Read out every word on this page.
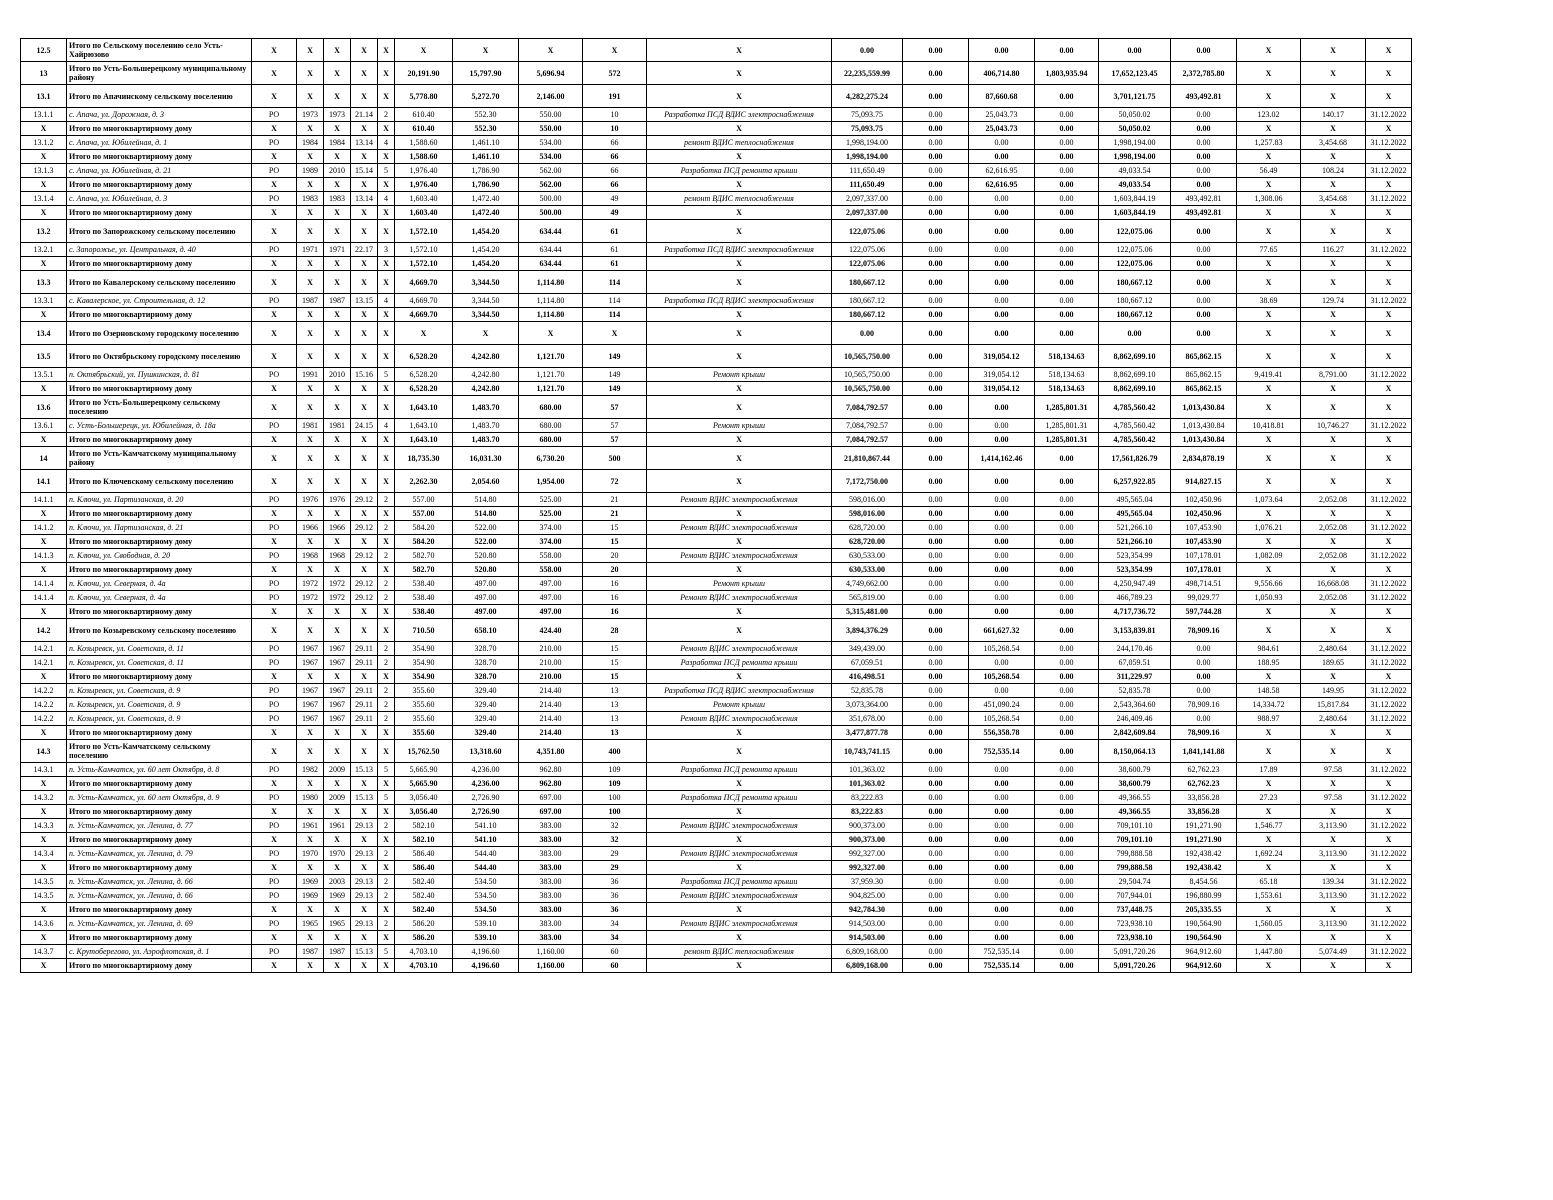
12.5	Итого по Сельскому поселению село Усть-Хайрюзово	X	X	X	X	X	X	X	X	X	X	0.00	0.00	0.00	0.00	0.00	0.00	X	X	X
13	Итого по Усть-Большерецкому муниципальному району	X	X	X	X	X	20,191.90	15,797.90	5,696.94	572	X	22,235,559.99	0.00	406,714.80	1,803,935.94	17,652,123.45	2,372,785.80	X	X	X
13.1	Итого по Апачинскому сельскому поселению	X	X	X	X	X	5,778.80	5,272.70	2,146.00	191	X	4,282,275.24	0.00	87,660.68	0.00	3,701,121.75	493,492.81	X	X	X
13.1.1	с. Апача, ул. Дорожная, д. 3	РО	1973	1973	21.14	2	610.40	552.30	550.00	10	Разработка ПСД ВДИС электроснабжения	75,093.75	0.00	25,043.73	0.00	50,050.02	0.00	123.02	140.17	31.12.2022
X	Итого по многоквартирному дому	X	X	X	X	X	610.40	552.30	550.00	10	X	75,093.75	0.00	25,043.73	0.00	50,050.02	0.00	X	X	X
13.1.2	с. Апача, ул. Юбилейная, д. 1	РО	1984	1984	13.14	4	1,588.60	1,461.10	534.00	66	ремонт ВДИС теплоснабжения	1,998,194.00	0.00	0.00	0.00	1,998,194.00	0.00	1,257.83	3,454.68	31.12.2022
X	Итого по многоквартирному дому	X	X	X	X	X	1,588.60	1,461.10	534.00	66	X	1,998,194.00	0.00	0.00	0.00	1,998,194.00	0.00	X	X	X
13.1.3	с. Апача, ул. Юбилейная, д. 21	РО	1989	2010	15.14	5	1,976.40	1,786.90	562.00	66	Разработка ПСД ремонта крыши	111,650.49	0.00	62,616.95	0.00	49,033.54	0.00	56.49	108.24	31.12.2022
X	Итого по многоквартирному дому	X	X	X	X	X	1,976.40	1,786.90	562.00	66	X	111,650.49	0.00	62,616.95	0.00	49,033.54	0.00	X	X	X
13.1.4	с. Апача, ул. Юбилейная, д. 3	РО	1983	1983	13.14	4	1,603.40	1,472.40	500.00	49	ремонт ВДИС теплоснабжения	2,097,337.00	0.00	0.00	0.00	1,603,844.19	493,492.81	1,308.06	3,454.68	31.12.2022
X	Итого по многоквартирному дому	X	X	X	X	X	1,603.40	1,472.40	500.00	49	X	2,097,337.00	0.00	0.00	0.00	1,603,844.19	493,492.81	X	X	X
13.2	Итого по Запорожскому сельскому поселению	X	X	X	X	X	1,572.10	1,454.20	634.44	61	X	122,075.06	0.00	0.00	0.00	122,075.06	0.00	X	X	X
13.2.1	с. Запорожье, ул. Центральная, д. 40	РО	1971	1971	22.17	3	1,572.10	1,454.20	634.44	61	Разработка ПСД ВДИС электроснабжения	122,075.06	0.00	0.00	0.00	122,075.06	0.00	77.65	116.27	31.12.2022
X	Итого по многоквартирному дому	X	X	X	X	X	1,572.10	1,454.20	634.44	61	X	122,075.06	0.00	0.00	0.00	122,075.06	0.00	X	X	X
13.3	Итого по Кавалерскому сельскому поселению	X	X	X	X	X	4,669.70	3,344.50	1,114.80	114	X	180,667.12	0.00	0.00	0.00	180,667.12	0.00	X	X	X
13.3.1	с. Кавалерское, ул. Строительная, д. 12	РО	1987	1987	13.15	4	4,669.70	3,344.50	1,114.80	114	Разработка ПСД ВДИС электроснабжения	180,667.12	0.00	0.00	0.00	180,667.12	0.00	38.69	129.74	31.12.2022
X	Итого по многоквартирному дому	X	X	X	X	X	4,669.70	3,344.50	1,114.80	114	X	180,667.12	0.00	0.00	0.00	180,667.12	0.00	X	X	X
13.4	Итого по Озерновскому городскому поселению	X	X	X	X	X	X	X	X	X	X	0.00	0.00	0.00	0.00	0.00	0.00	X	X	X
13.5	Итого по Октябрьскому городскому поселению	X	X	X	X	X	6,528.20	4,242.80	1,121.70	149	X	10,565,750.00	0.00	319,054.12	518,134.63	8,862,699.10	865,862.15	X	X	X
13.5.1	п. Октябрьский, ул. Пушкинская, д. 81	РО	1991	2010	15.16	5	6,528.20	4,242.80	1,121.70	149	Ремонт крыши	10,565,750.00	0.00	319,054.12	518,134.63	8,862,699.10	865,862.15	9,419.41	8,791.00	31.12.2022
X	Итого по многоквартирному дому	X	X	X	X	X	6,528.20	4,242.80	1,121.70	149	X	10,565,750.00	0.00	319,054.12	518,134.63	8,862,699.10	865,862.15	X	X	X
13.6	Итого по Усть-Большерецкому сельскому поселению	X	X	X	X	X	1,643.10	1,483.70	680.00	57	X	7,084,792.57	0.00	0.00	1,285,801.31	4,785,560.42	1,013,430.84	X	X	X
13.6.1	с. Усть-Большерецк, ул. Юбилейная, д. 18а	РО	1981	1981	24.15	4	1,643.10	1,483.70	680.00	57	Ремонт крыши	7,084,792.57	0.00	0.00	1,285,801.31	4,785,560.42	1,013,430.84	10,418.81	10,746.27	31.12.2022
X	Итого по многоквартирному дому	X	X	X	X	X	1,643.10	1,483.70	680.00	57	X	7,084,792.57	0.00	0.00	1,285,801.31	4,785,560.42	1,013,430.84	X	X	X
14	Итого по Усть-Камчатскому муниципальному району	X	X	X	X	X	18,735.30	16,031.30	6,730.20	500	X	21,810,867.44	0.00	1,414,162.46	0.00	17,561,826.79	2,834,878.19	X	X	X
14.1	Итого по Ключевскому сельскому поселению	X	X	X	X	X	2,262.30	2,054.60	1,954.00	72	X	7,172,750.00	0.00	0.00	0.00	6,257,922.85	914,827.15	X	X	X
14.1.1	п. Ключи, ул. Партизанская, д. 20	РО	1976	1976	29.12	2	557.00	514.80	525.00	21	Ремонт ВДИС электроснабжения	598,016.00	0.00	0.00	0.00	495,565.04	102,450.96	1,073.64	2,052.08	31.12.2022
X	Итого по многоквартирному дому	X	X	X	X	X	557.00	514.80	525.00	21	X	598,016.00	0.00	0.00	0.00	495,565.04	102,450.96	X	X	X
14.1.2	п. Ключи, ул. Партизанская, д. 21	РО	1966	1966	29.12	2	584.20	522.00	374.00	15	Ремонт ВДИС электроснабжения	628,720.00	0.00	0.00	0.00	521,266.10	107,453.90	1,076.21	2,052.08	31.12.2022
X	Итого по многоквартирному дому	X	X	X	X	X	584.20	522.00	374.00	15	X	628,720.00	0.00	0.00	0.00	521,266.10	107,453.90	X	X	X
14.1.3	п. Ключи, ул. Свободная, д. 20	РО	1968	1968	29.12	2	582.70	520.80	558.00	20	Ремонт ВДИС электроснабжения	630,533.00	0.00	0.00	0.00	523,354.99	107,178.01	1,082.09	2,052.08	31.12.2022
X	Итого по многоквартирному дому	X	X	X	X	X	582.70	520.80	558.00	20	X	630,533.00	0.00	0.00	0.00	523,354.99	107,178.01	X	X	X
14.1.4	п. Ключи, ул. Северная, д. 4а	РО	1972	1972	29.12	2	538.40	497.00	497.00	16	Ремонт крыши	4,749,662.00	0.00	0.00	0.00	4,250,947.49	498,714.51	9,556.66	16,668.08	31.12.2022
14.1.4	п. Ключи, ул. Северная, д. 4а	РО	1972	1972	29.12	2	538.40	497.00	497.00	16	Ремонт ВДИС электроснабжения	565,819.00	0.00	0.00	0.00	466,789.23	99,029.77	1,050.93	2,052.08	31.12.2022
X	Итого по многоквартирному дому	X	X	X	X	X	538.40	497.00	497.00	16	X	5,315,481.00	0.00	0.00	0.00	4,717,736.72	597,744.28	X	X	X
14.2	Итого по Козыревскому сельскому поселению	X	X	X	X	X	710.50	658.10	424.40	28	X	3,894,376.29	0.00	661,627.32	0.00	3,153,839.81	78,909.16	X	X	X
14.2.1	п. Козыревск, ул. Советская, д. 11	РО	1967	1967	29.11	2	354.90	328.70	210.00	15	Ремонт ВДИС электроснабжения	349,439.00	0.00	105,268.54	0.00	244,170.46	0.00	984.61	2,480.64	31.12.2022
14.2.1	п. Козыревск, ул. Советская, д. 11	РО	1967	1967	29.11	2	354.90	328.70	210.00	15	Разработка ПСД ремонта крыши	67,059.51	0.00	0.00	0.00	67,059.51	0.00	188.95	189.65	31.12.2022
X	Итого по многоквартирному дому	X	X	X	X	X	354.90	328.70	210.00	15	X	416,498.51	0.00	105,268.54	0.00	311,229.97	0.00	X	X	X
14.2.2	п. Козыревск, ул. Советская, д. 9	РО	1967	1967	29.11	2	355.60	329.40	214.40	13	Разработка ПСД ВДИС электроснабжения	52,835.78	0.00	0.00	0.00	52,835.78	0.00	148.58	149.95	31.12.2022
14.2.2	п. Козыревск, ул. Советская, д. 9	РО	1967	1967	29.11	2	355.60	329.40	214.40	13	Ремонт крыши	3,073,364.00	0.00	451,090.24	0.00	2,543,364.60	78,909.16	14,334.72	15,817.84	31.12.2022
14.2.2	п. Козыревск, ул. Советская, д. 9	РО	1967	1967	29.11	2	355.60	329.40	214.40	13	Ремонт ВДИС электроснабжения	351,678.00	0.00	105,268.54	0.00	246,409.46	0.00	988.97	2,480.64	31.12.2022
X	Итого по многоквартирному дому	X	X	X	X	X	355.60	329.40	214.40	13	X	3,477,877.78	0.00	556,358.78	0.00	2,842,609.84	78,909.16	X	X	X
14.3	Итого по Усть-Камчатскому сельскому поселению	X	X	X	X	X	15,762.50	13,318.60	4,351.80	400	X	10,743,741.15	0.00	752,535.14	0.00	8,150,064.13	1,841,141.88	X	X	X
14.3.1	п. Усть-Камчатск, ул. 60 лет Октября, д. 8	РО	1982	2009	15.13	5	5,665.90	4,236.00	962.80	109	Разработка ПСД ремонта крыши	101,363.02	0.00	0.00	0.00	38,600.79	62,762.23	17.89	97.58	31.12.2022
X	Итого по многоквартирному дому	X	X	X	X	X	5,665.90	4,236.00	962.80	109	X	101,363.02	0.00	0.00	0.00	38,600.79	62,762.23	X	X	X
14.3.2	п. Усть-Камчатск, ул. 60 лет Октября, д. 9	РО	1980	2009	15.13	5	3,056.40	2,726.90	697.00	100	Разработка ПСД ремонта крыши	83,222.83	0.00	0.00	0.00	49,366.55	33,856.28	27.23	97.58	31.12.2022
X	Итого по многоквартирному дому	X	X	X	X	X	3,056.40	2,726.90	697.00	100	X	83,222.83	0.00	0.00	0.00	49,366.55	33,856.28	X	X	X
14.3.3	п. Усть-Камчатск, ул. Ленина, д. 77	РО	1961	1961	29.13	2	582.10	541.10	383.00	32	Ремонт ВДИС электроснабжения	900,373.00	0.00	0.00	0.00	709,101.10	191,271.90	1,546.77	3,113.90	31.12.2022
X	Итого по многоквартирному дому	X	X	X	X	X	582.10	541.10	383.00	32	X	900,373.00	0.00	0.00	0.00	709,101.10	191,271.90	X	X	X
14.3.4	п. Усть-Камчатск, ул. Ленина, д. 79	РО	1970	1970	29.13	2	586.40	544.40	383.00	29	Ремонт ВДИС электроснабжения	992,327.00	0.00	0.00	0.00	799,888.58	192,438.42	1,692.24	3,113.90	31.12.2022
X	Итого по многоквартирному дому	X	X	X	X	X	586.40	544.40	383.00	29	X	992,327.00	0.00	0.00	0.00	799,888.58	192,438.42	X	X	X
14.3.5	п. Усть-Камчатск, ул. Ленина, д. 66	РО	1969	2003	29.13	2	582.40	534.50	383.00	36	Разработка ПСД ремонта крыши	37,959.30	0.00	0.00	0.00	29,504.74	8,454.56	65.18	139.34	31.12.2022
14.3.5	п. Усть-Камчатск, ул. Ленина, д. 66	РО	1969	1969	29.13	2	582.40	534.50	383.00	36	Ремонт ВДИС электроснабжения	904,825.00	0.00	0.00	0.00	707,944.01	196,880.99	1,553.61	3,113.90	31.12.2022
X	Итого по многоквартирному дому	X	X	X	X	X	582.40	534.50	383.00	36	X	942,784.30	0.00	0.00	0.00	737,448.75	205,335.55	X	X	X
14.3.6	п. Усть-Камчатск, ул. Ленина, д. 69	РО	1965	1965	29.13	2	586.20	539.10	383.00	34	Ремонт ВДИС электроснабжения	914,503.00	0.00	0.00	0.00	723,938.10	190,564.90	1,560.05	3,113.90	31.12.2022
X	Итого по многоквартирному дому	X	X	X	X	X	586.20	539.10	383.00	34	X	914,503.00	0.00	0.00	0.00	723,938.10	190,564.90	X	X	X
14.3.7	с. Крутоберегово, ул. Аэрофлотская, д. 1	РО	1987	1987	15.13	5	4,703.10	4,196.60	1,160.00	60	ремонт ВДИС теплоснабжения	6,809,168.00	0.00	752,535.14	0.00	5,091,720.26	964,912.60	1,447.80	5,074.49	31.12.2022
X	Итого по многоквартирному дому	X	X	X	X	X	4,703.10	4,196.60	1,160.00	60	X	6,809,168.00	0.00	752,535.14	0.00	5,091,720.26	964,912.60	X	X	X
